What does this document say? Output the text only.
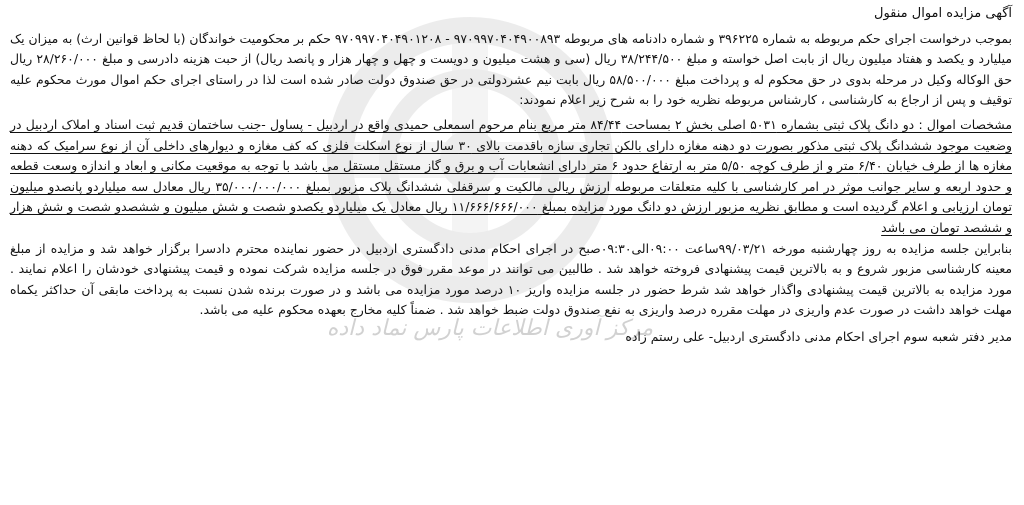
مرکز آوری اطلاعات پارس نماد داده

آگهی مزایده اموال منقول

بموجب درخواست اجرای حکم مربوطه به شماره ۳۹۶۲۲۵ و شماره دادنامه های مربوطه ۹۷۰۹۹۷۰۴۰۴۹۰۰۸۹۳ - ۹۷۰۹۹۷۰۴۰۴۹۰۱۲۰۸ حکم بر محکومیت خواندگان (با لحاظ قوانین ارث) به میزان یک میلیارد و یکصد و هفتاد میلیون ریال از بابت اصل خواسته و مبلغ ۳۸/۲۴۴/۵۰۰ ریال (سی و هشت میلیون و دویست و چهل و چهار هزار و پانصد ریال) از حبت هزینه دادرسی و مبلغ ۲۸/۲۶۰/۰۰۰ ریال حق الوکاله وکیل در مرحله بدوی در حق محکوم له و پرداخت مبلغ ۵۸/۵۰۰/۰۰۰ ریال بابت نیم عشردولتی در حق صندوق دولت صادر شده است لذا در راستای اجرای حکم اموال مورث محکوم علیه توقیف و پس از ارجاع به کارشناسی ، کارشناس مربوطه نظریه خود را به شرح زیر اعلام نمودند:

مشخصات اموال : دو دانگ پلاک ثبتی بشماره ۵۰۳۱ اصلی بخش ۲ بمساحت ۸۴/۴۴ متر مربع بنام مرحوم اسمعلی حمیدی واقع در اردبیل - پساول -جنب ساختمان قدیم ثبت اسناد و املاک اردبیل در وضعیت موجود ششدانگ پلاک ثبتی مذکور بصورت دو دهنه مغازه دارای بالکن تجاری سازه باقدمت بالای ۳۰ سال از نوع اسکلت فلزی که کف مغازه و دیوارهای داخلی آن از نوع سرامیک که دهنه مغازه ها از طرف خیابان ۶/۴۰ متر و از طرف کوچه ۵/۵۰ متر به ارتفاع حدود ۶ متر دارای انشعابات آب و برق و گاز مستقل مستقل می باشد با توجه به موقعیت مکانی و ابعاد و اندازه وسعت قطعه و حدود اربعه و سایر جوانب موثر در امر کارشناسی با کلیه متعلقات مربوطه ارزش ریالی مالکیت و سرقفلی ششدانگ پلاک مزبور بمبلغ ۳۵/۰۰۰/۰۰۰/۰۰۰ ریال معادل سه میلیاردو پانصدو میلیون تومان ارزیابی و اعلام گردیده است و مطابق نظریه مزبور ارزش دو دانگ مورد مزایده بمبلغ ۱۱/۶۶۶/۶۶۶/۰۰۰ ریال معادل یک میلیاردو یکصدو شصت و شش میلیون و ششصدو شصت و شش هزار و ششصد تومان می باشد

بنابراین جلسه مزایده به روز چهارشنبه مورخه ۹۹/۰۳/۲۱ساعت ۰۹:۰۰الی۰۹:۳۰صبح در اجرای احکام مدنی دادگستری اردبیل در حضور نماینده محترم دادسرا برگزار خواهد شد و مزایده از مبلغ معینه کارشناسی مزبور شروع و به بالاترین قیمت پیشنهادی فروخته خواهد شد . طالبین می توانند در موعد مقرر فوق در جلسه مزایده شرکت نموده و قیمت پیشنهادی خودشان را اعلام نمایند . مورد مزایده به بالاترین قیمت پیشنهادی واگذار خواهد شد شرط حضور در جلسه مزایده واریز ۱۰ درصد مورد مزایده می باشد و در صورت برنده شدن نسبت به پرداخت مابقی آن حداکثر یکماه مهلت خواهد داشت در صورت عدم واریزی در مهلت مقرره درصد واریزی به نفع صندوق دولت ضبط خواهد شد . ضمناً کلیه مخارج بعهده محکوم علیه می باشد.

مدیر دفتر شعبه سوم اجرای احکام مدنی دادگستری اردبیل- علی رستم زاده
